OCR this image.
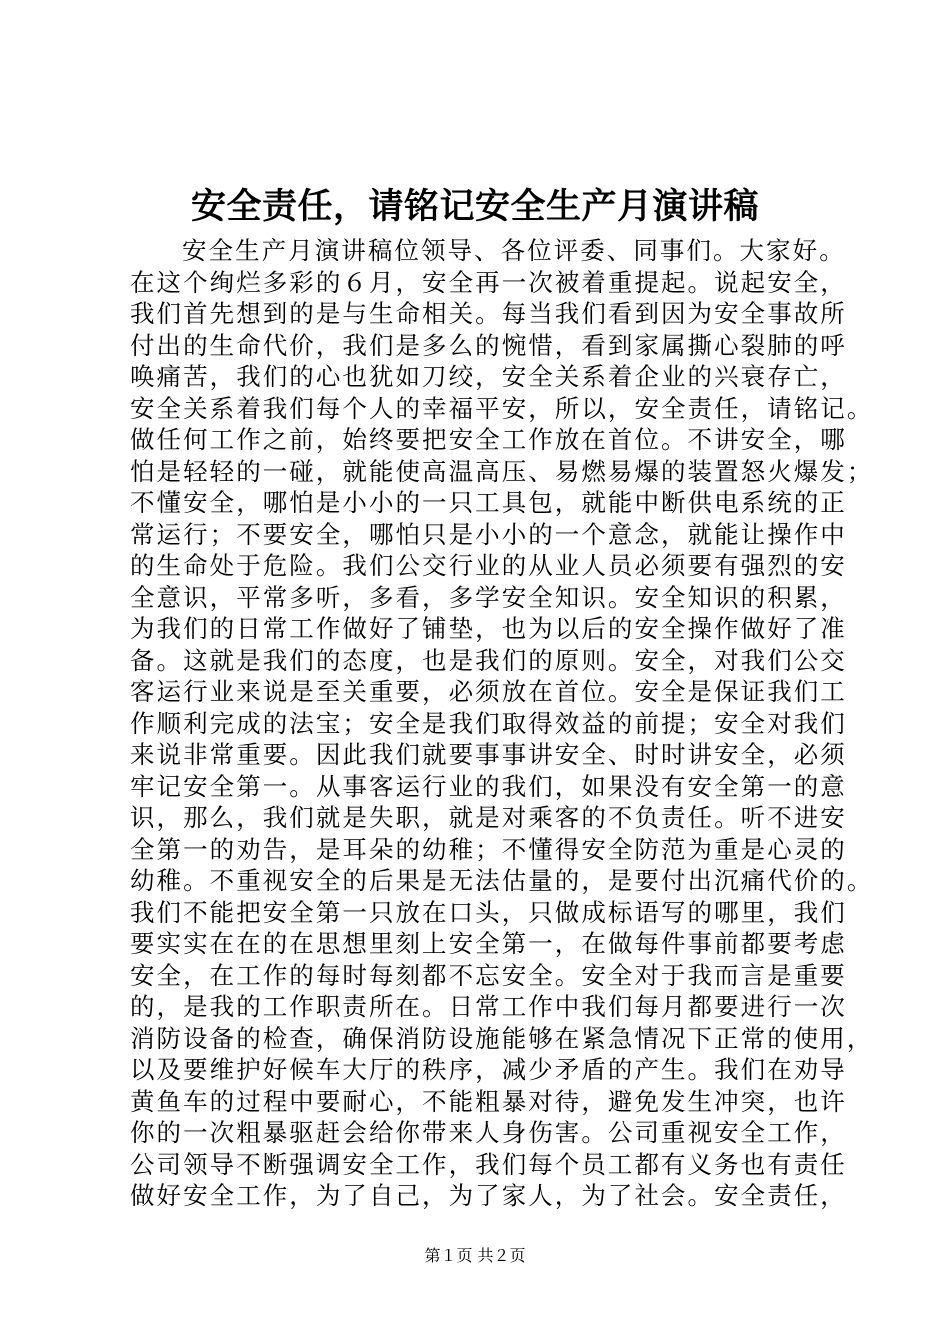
安全责任，请铭记安全生产月演讲稿
安全生产月演讲稿位领导、各位评委、同事们。大家好。
在这个绚烂多彩的６月，安全再一次被着重提起。说起安全，
我们首先想到的是与生命相关。每当我们看到因为安全事故所
付出的生命代价，我们是多么的惋惜，看到家属撕心裂肺的呼
唤痛苦，我们的心也犹如刀绞，安全关系着企业的兴衰存亡，
安全关系着我们每个人的幸福平安，所以，安全责任，请铭记。
做任何工作之前，始终要把安全工作放在首位。不讲安全，哪
怕是轻轻的一碰，就能使高温高压、易燃易爆的装置怒火爆发；
不懂安全，哪怕是小小的一只工具包，就能中断供电系统的正
常运行；不要安全，哪怕只是小小的一个意念，就能让操作中
的生命处于危险。我们公交行业的从业人员必须要有强烈的安
全意识，平常多听，多看，多学安全知识。安全知识的积累，
为我们的日常工作做好了铺垫，也为以后的安全操作做好了准
备。这就是我们的态度，也是我们的原则。安全，对我们公交
客运行业来说是至关重要，必须放在首位。安全是保证我们工
作顺利完成的法宝；安全是我们取得效益的前提；安全对我们
来说非常重要。因此我们就要事事讲安全、时时讲安全，必须
牢记安全第一。从事客运行业的我们，如果没有安全第一的意
识，那么，我们就是失职，就是对乘客的不负责任。听不进安
全第一的劝告，是耳朵的幼稚；不懂得安全防范为重是心灵的
幼稚。不重视安全的后果是无法估量的，是要付出沉痛代价的。
我们不能把安全第一只放在口头，只做成标语写的哪里，我们
要实实在在的在思想里刻上安全第一，在做每件事前都要考虑
安全，在工作的每时每刻都不忘安全。安全对于我而言是重要
的，是我的工作职责所在。日常工作中我们每月都要进行一次
消防设备的检查，确保消防设施能够在紧急情况下正常的使用，
以及要维护好候车大厅的秩序，减少矛盾的产生。我们在劝导
黄鱼车的过程中要耐心，不能粗暴对待，避免发生冲突，也许
你的一次粗暴驱赶会给你带来人身伤害。公司重视安全工作，
公司领导不断强调安全工作，我们每个员工都有义务也有责任
做好安全工作，为了自己，为了家人，为了社会。安全责任，
第１页 共２页
